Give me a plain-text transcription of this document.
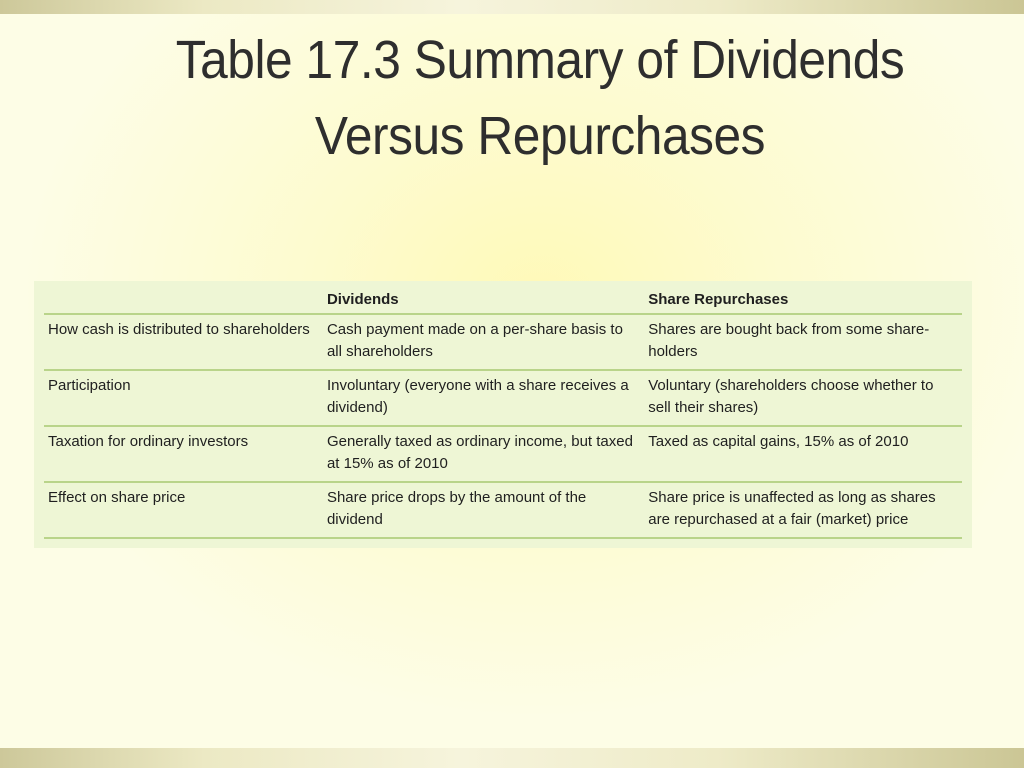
Table 17.3 Summary of Dividends
Versus Repurchases
	Dividends	Share Repurchases
How cash is distributed to shareholders	Cash payment made on a per-share basis to all shareholders	Shares are bought back from some share-holders
Participation	Involuntary (everyone with a share receives a dividend)	Voluntary (shareholders choose whether to sell their shares)
Taxation for ordinary investors	Generally taxed as ordinary income, but taxed at 15% as of 2010	Taxed as capital gains, 15% as of 2010
Effect on share price	Share price drops by the amount of the dividend	Share price is unaffected as long as shares are repurchased at a fair (market) price
